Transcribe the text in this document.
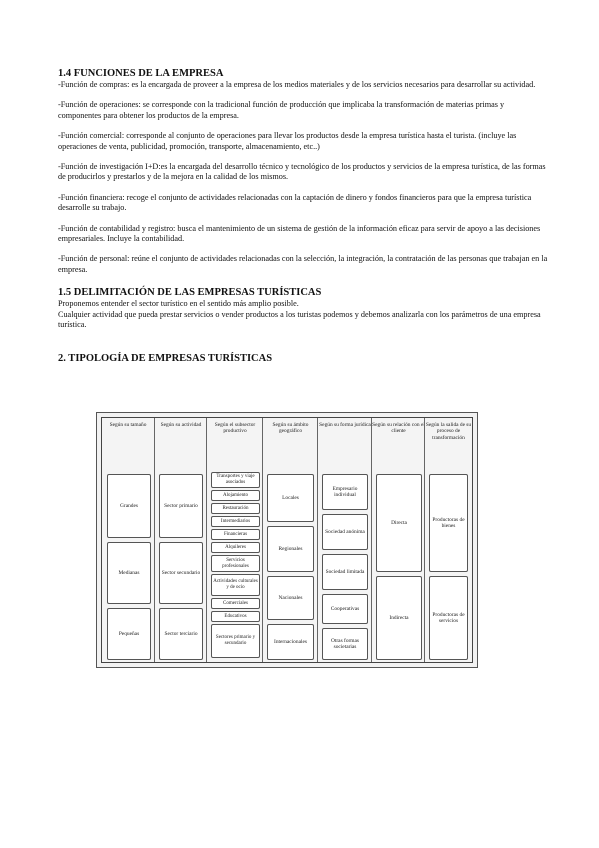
1.4 FUNCIONES DE LA EMPRESA

-Función de compras: es la encargada de proveer a la empresa de los medios materiales y de los servicios necesarios para desarrollar su actividad.

-Función de operaciones: se corresponde con la tradicional función de producción que implicaba la transformación de materias primas y componentes para obtener los productos de la empresa.

-Función comercial: corresponde al conjunto de operaciones para llevar los productos desde la empresa turística hasta el turista. (incluye las operaciones de venta, publicidad, promoción, transporte, almacenamiento, etc..)

-Función de investigación I+D:es la encargada del desarrollo técnico y tecnológico de los productos y servicios de la empresa turística, de las formas de producirlos y prestarlos y de la mejora en la calidad de los mismos.

-Función financiera: recoge el conjunto de actividades relacionadas con la captación de dinero y fondos financieros para que la empresa turística desarrolle su trabajo.

-Función de contabilidad y registro: busca el mantenimiento de un sistema de gestión de la información eficaz para servir de apoyo a las decisiones empresariales. Incluye la contabilidad.

-Función de personal: reúne el conjunto de actividades relacionadas con la selección, la integración, la contratación de las personas que trabajan en la empresa.

1.5 DELIMITACIÓN DE LAS EMPRESAS TURÍSTICAS

Proponemos entender el sector turístico en el sentido más amplio posible.

Cualquier actividad que pueda prestar servicios o vender productos a los turistas podemos y debemos analizarla con los parámetros de una empresa turística.

2. TIPOLOGÍA DE EMPRESAS TURÍSTICAS
Según su tamaño
Grandes
Medianas
Pequeñas
Según su actividad
Sector primario
Sector secundario
Sector terciario
Según el subsector productivo
Transportes y viaje asociados
Alojamiento
Restauración
Intermediarios
Financieras
Alquileres
Servicios profesionales
Actividades culturales y de ocio
Comerciales
Educativos
Sectores primario y secundario
Según su ámbito geográfico
Locales
Regionales
Nacionales
Internacionales
Según su forma jurídica
Empresario individual
Sociedad anónima
Sociedad limitada
Cooperativas
Otras formas societarias
Según su relación con el cliente
Directa
Indirecta
Según la salida de su proceso de transformación
Productoras de bienes
Productoras de servicios
